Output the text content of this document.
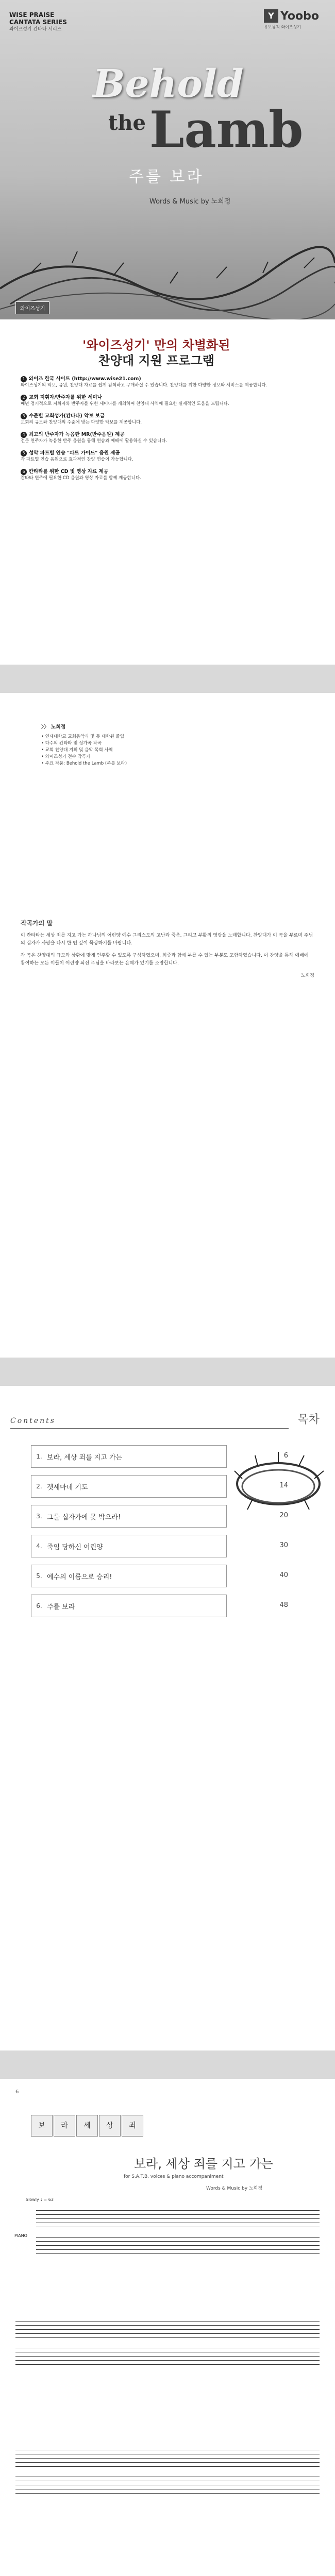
WISE PRAISE
CANTATA SERIES
와이즈성기 칸타타 시리즈
Y Yoobo
유보뮤직 와이즈성기
Behold
the Lamb
주를 보라
Words & Music by 노희정
와이즈성기
'와이즈성기' 만의 차별화된
찬양대 지원 프로그램
1 와이즈 한국 사이트 (http://www.wise21.com)
와이즈성기의 악보, 음원, 찬양대 자료를 쉽게 검색하고 구매하실 수 있습니다. 찬양대를 위한 다양한 정보와 서비스를 제공합니다.
2 교회 지휘자/반주자를 위한 세미나
매년 정기적으로 지휘자와 반주자를 위한 세미나를 개최하여 찬양대 사역에 필요한 실제적인 도움을 드립니다.
3 수준별 교회성가(칸타타) 악보 보급
교회의 규모와 찬양대의 수준에 맞는 다양한 악보를 제공합니다.
4 최고의 반주자가 녹음한 MR(반주음원) 제공
전문 연주자가 녹음한 반주 음원을 통해 연습과 예배에 활용하실 수 있습니다.
5 성악 파트별 연습 "파트 가이드" 음원 제공
각 파트별 연습 음원으로 효과적인 찬양 연습이 가능합니다.
6 칸타타를 위한 CD 및 영상 자료 제공
칸타타 연주에 필요한 CD 음원과 영상 자료를 함께 제공합니다.
〉〉 노희정
• 연세대학교 교회음악과 및 동 대학원 졸업
• 다수의 칸타타 및 성가곡 작곡
• 교회 찬양대 지휘 및 음악 목회 사역
• 와이즈성기 전속 작곡가
• 주요 작품: Behold the Lamb (주를 보라)
작곡가의 말

이 칸타타는 세상 죄를 지고 가는 하나님의 어린양 예수 그리스도의 고난과 죽음, 그리고 부활의 영광을 노래합니다. 찬양대가 이 곡을 부르며 주님의 십자가 사랑을 다시 한 번 깊이 묵상하기를 바랍니다.

각 곡은 찬양대의 규모와 상황에 맞게 연주할 수 있도록 구성하였으며, 회중과 함께 부를 수 있는 부분도 포함하였습니다. 이 찬양을 통해 예배에 참여하는 모든 이들이 어린양 되신 주님을 바라보는 은혜가 있기를 소망합니다.

노희정

Contents	목차
1. 보라, 세상 죄를 지고 가는	6
2. 겟세마네 기도	14
3. 그를 십자가에 못 박으라!	20
4. 죽임 당하신 어린양	30
5. 예수의 이름으로 승리!	40
6. 주를 보라	48
6
보 라 세 상 죄
보라, 세상 죄를 지고 가는
for S.A.T.B. voices & piano accompaniment
Words & Music by 노희정
Slowly ♩ = 63
PIANO
